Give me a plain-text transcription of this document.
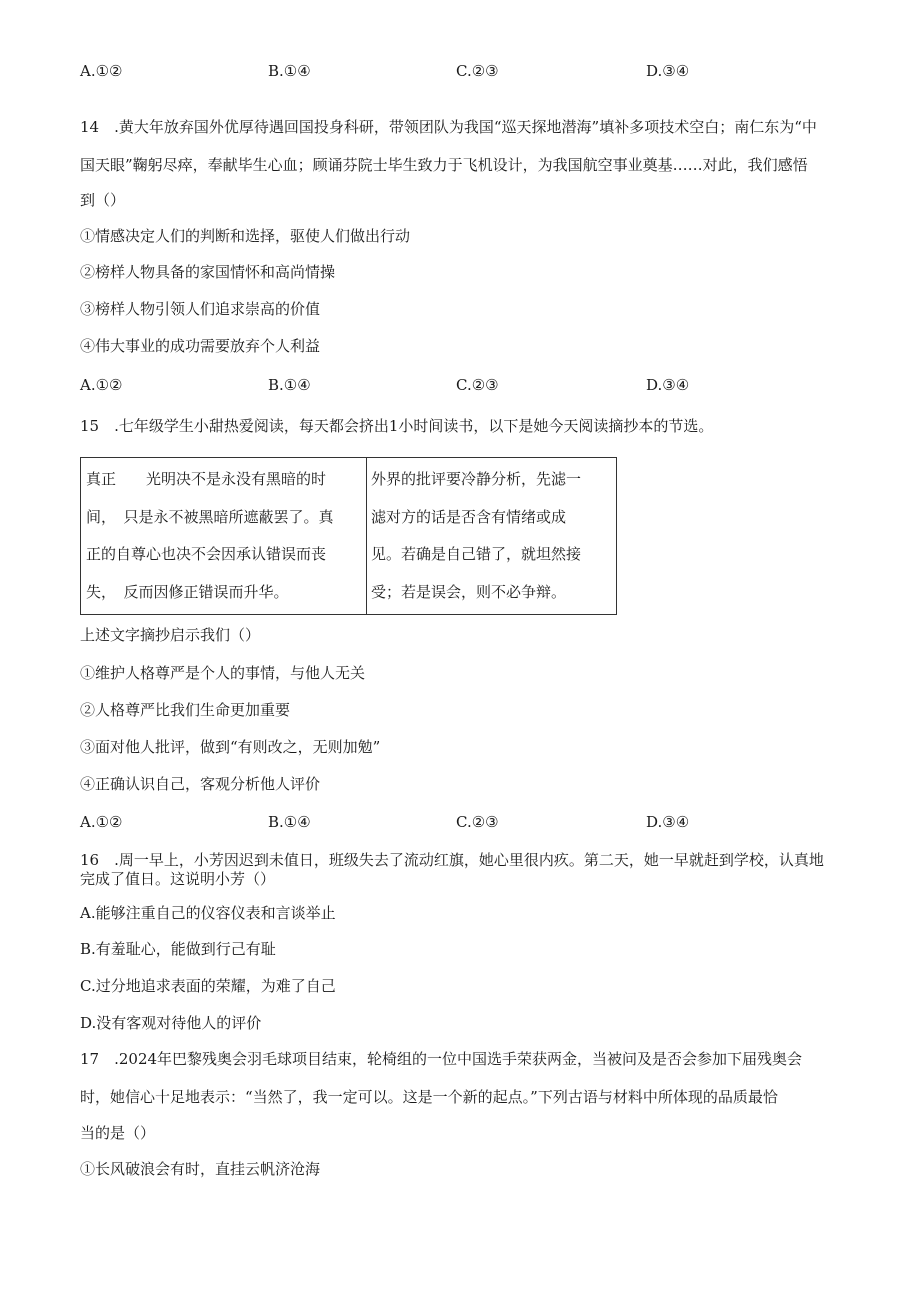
A.①②	B.①④	C.②③	D.③④
14　.黄大年放弃国外优厚待遇回国投身科研，带领团队为我国“巡天探地潜海”填补多项技术空白；南仁东为“中
国天眼”鞠躬尽瘁，奉献毕生心血；顾诵芬院士毕生致力于飞机设计，为我国航空事业奠基……对此，我们感悟
到（）
①情感决定人们的判断和选择，驱使人们做出行动
②榜样人物具备的家国情怀和高尚情操
③榜样人物引领人们追求崇高的价值
④伟大事业的成功需要放弃个人利益
A.①②	B.①④	C.②③	D.③④
15　.七年级学生小甜热爱阅读，每天都会挤出1小时间读书，以下是她今天阅读摘抄本的节选。
真正　　光明决不是永没有黑暗的时
间，　只是永不被黑暗所遮蔽罢了。真
正的自尊心也决不会因承认错误而丧
失，　反而因修正错误而升华。
外界的批评要冷静分析，先滤一
滤对方的话是否含有情绪或成
见。若确是自己错了，就坦然接
受；若是误会，则不必争辩。
上述文字摘抄启示我们（）
①维护人格尊严是个人的事情，与他人无关
②人格尊严比我们生命更加重要
③面对他人批评，做到“有则改之，无则加勉”
④正确认识自己，客观分析他人评价
A.①②	B.①④	C.②③	D.③④
16　.周一早上，小芳因迟到未值日，班级失去了流动红旗，她心里很内疚。第二天，她一早就赶到学校，认真地
完成了值日。这说明小芳（）
A.能够注重自己的仪容仪表和言谈举止
B.有羞耻心，能做到行己有耻
C.过分地追求表面的荣耀，为难了自己
D.没有客观对待他人的评价
17　.2024年巴黎残奥会羽毛球项目结束，轮椅组的一位中国选手荣获两金，当被问及是否会参加下届残奥会
时，她信心十足地表示：“当然了，我一定可以。这是一个新的起点。”下列古语与材料中所体现的品质最恰
当的是（）
①长风破浪会有时，直挂云帆济沧海
